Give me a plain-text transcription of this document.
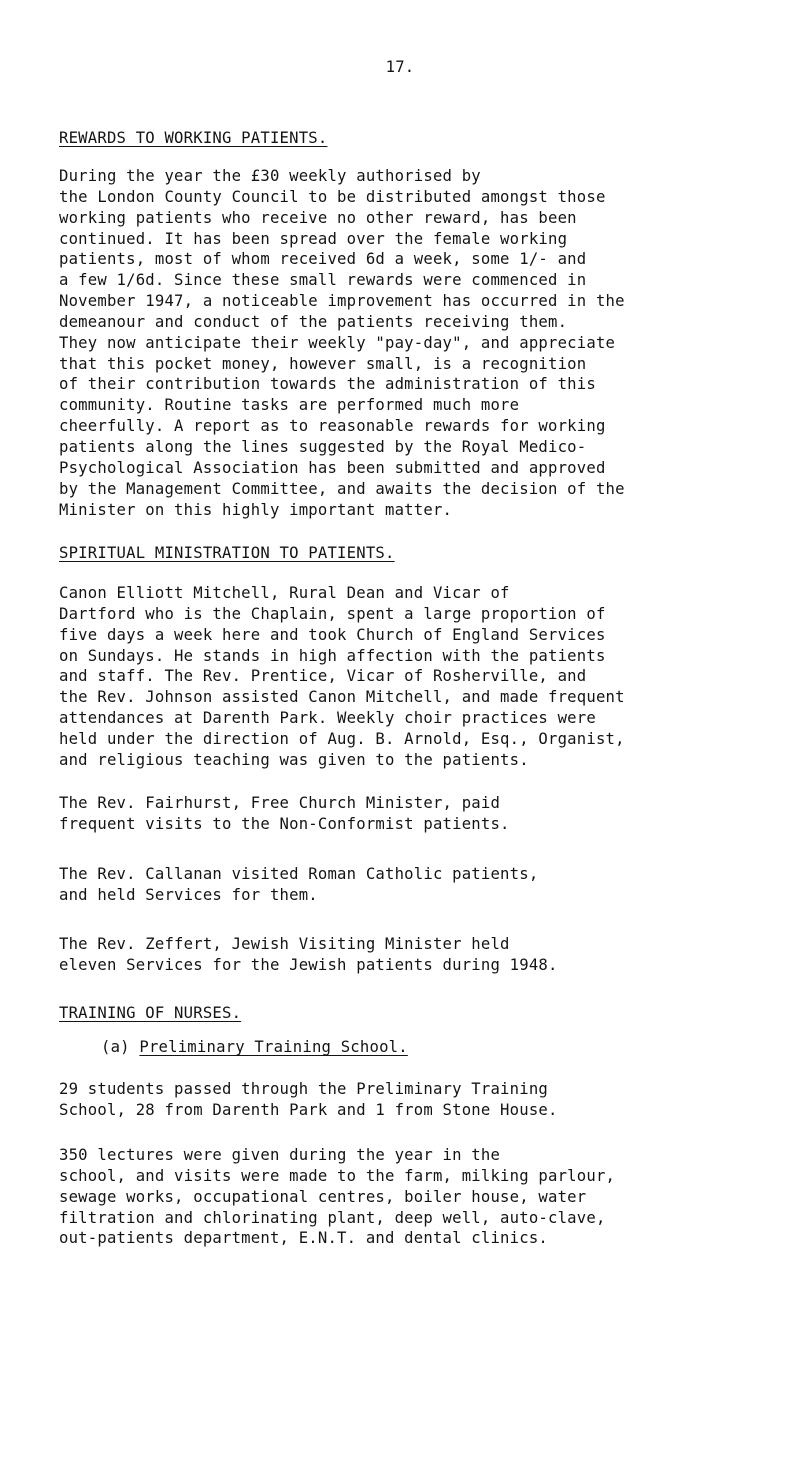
17.
REWARDS TO WORKING PATIENTS.

During the year the £30 weekly authorised by
the London County Council to be distributed amongst those
working patients who receive no other reward, has been
continued. It has been spread over the female working
patients, most of whom received 6d a week, some 1/- and
a few 1/6d. Since these small rewards were commenced in
November 1947, a noticeable improvement has occurred in the
demeanour and conduct of the patients receiving them.
They now anticipate their weekly "pay-day", and appreciate
that this pocket money, however small, is a recognition
of their contribution towards the administration of this
community. Routine tasks are performed much more
cheerfully. A report as to reasonable rewards for working
patients along the lines suggested by the Royal Medico-
Psychological Association has been submitted and approved
by the Management Committee, and awaits the decision of the
Minister on this highly important matter.

SPIRITUAL MINISTRATION TO PATIENTS.

Canon Elliott Mitchell, Rural Dean and Vicar of
Dartford who is the Chaplain, spent a large proportion of
five days a week here and took Church of England Services
on Sundays. He stands in high affection with the patients
and staff. The Rev. Prentice, Vicar of Rosherville, and
the Rev. Johnson assisted Canon Mitchell, and made frequent
attendances at Darenth Park. Weekly choir practices were
held under the direction of Aug. B. Arnold, Esq., Organist,
and religious teaching was given to the patients.

The Rev. Fairhurst, Free Church Minister, paid
frequent visits to the Non-Conformist patients.

The Rev. Callanan visited Roman Catholic patients,
and held Services for them.

The Rev. Zeffert, Jewish Visiting Minister held
eleven Services for the Jewish patients during 1948.

TRAINING OF NURSES.
(a) Preliminary Training School.

29 students passed through the Preliminary Training
School, 28 from Darenth Park and 1 from Stone House.

350 lectures were given during the year in the
school, and visits were made to the farm, milking parlour,
sewage works, occupational centres, boiler house, water
filtration and chlorinating plant, deep well, auto-clave,
out-patients department, E.N.T. and dental clinics.
